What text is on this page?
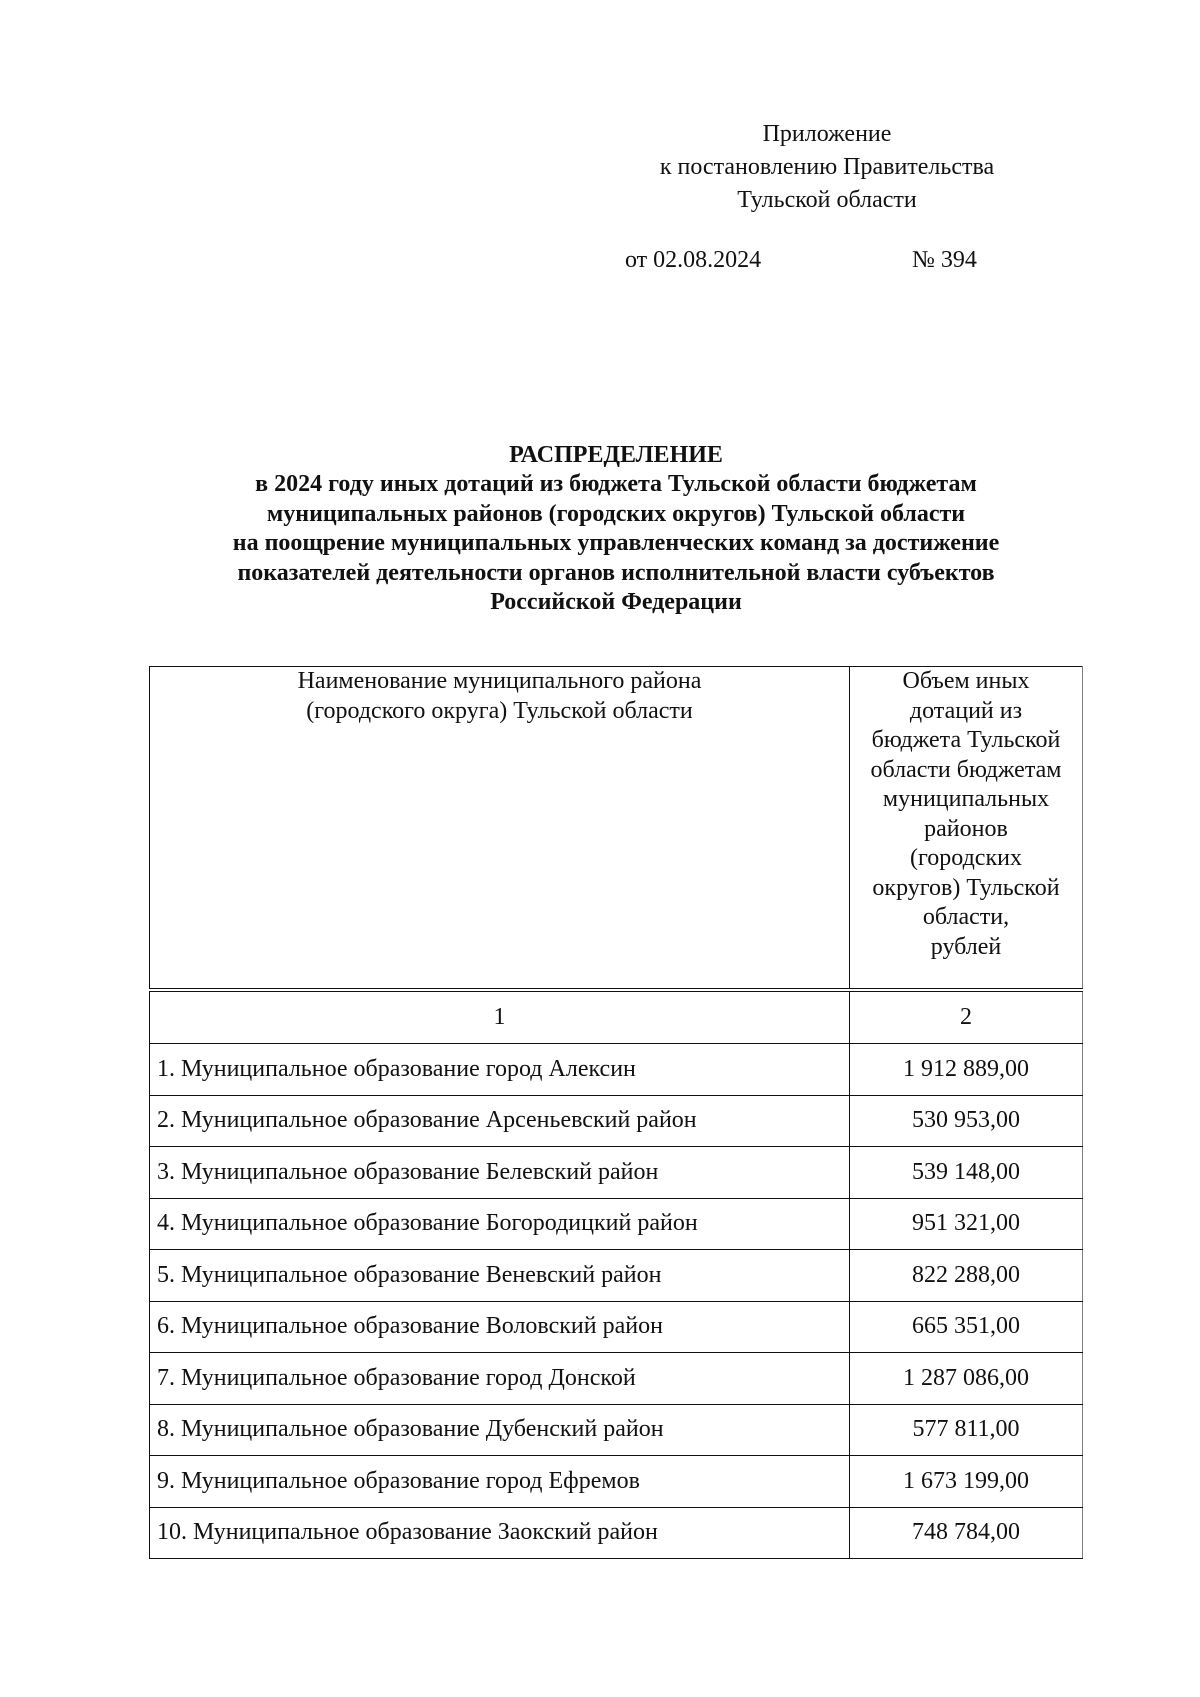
Приложение
к постановлению Правительства
Тульской области
от 02.08.2024	№ 394
РАСПРЕДЕЛЕНИЕ
в 2024 году иных дотаций из бюджета Тульской области бюджетам
муниципальных районов (городских округов) Тульской области
на поощрение муниципальных управленческих команд за достижение
показателей деятельности органов исполнительной власти субъектов
Российской Федерации
Наименование муниципального района
(городского округа) Тульской области

Объем иных
дотаций из
бюджета Тульской
области бюджетам
муниципальных
районов
(городских
округов) Тульской
области,
рублей

1	2
1. Муниципальное образование город Алексин	1 912 889,00
2. Муниципальное образование Арсеньевский район	530 953,00
3. Муниципальное образование Белевский район	539 148,00
4. Муниципальное образование Богородицкий район	951 321,00
5. Муниципальное образование Веневский район	822 288,00
6. Муниципальное образование Воловский район	665 351,00
7. Муниципальное образование город Донской	1 287 086,00
8. Муниципальное образование Дубенский район	577 811,00
9. Муниципальное образование город Ефремов	1 673 199,00
10. Муниципальное образование Заокский район	748 784,00
